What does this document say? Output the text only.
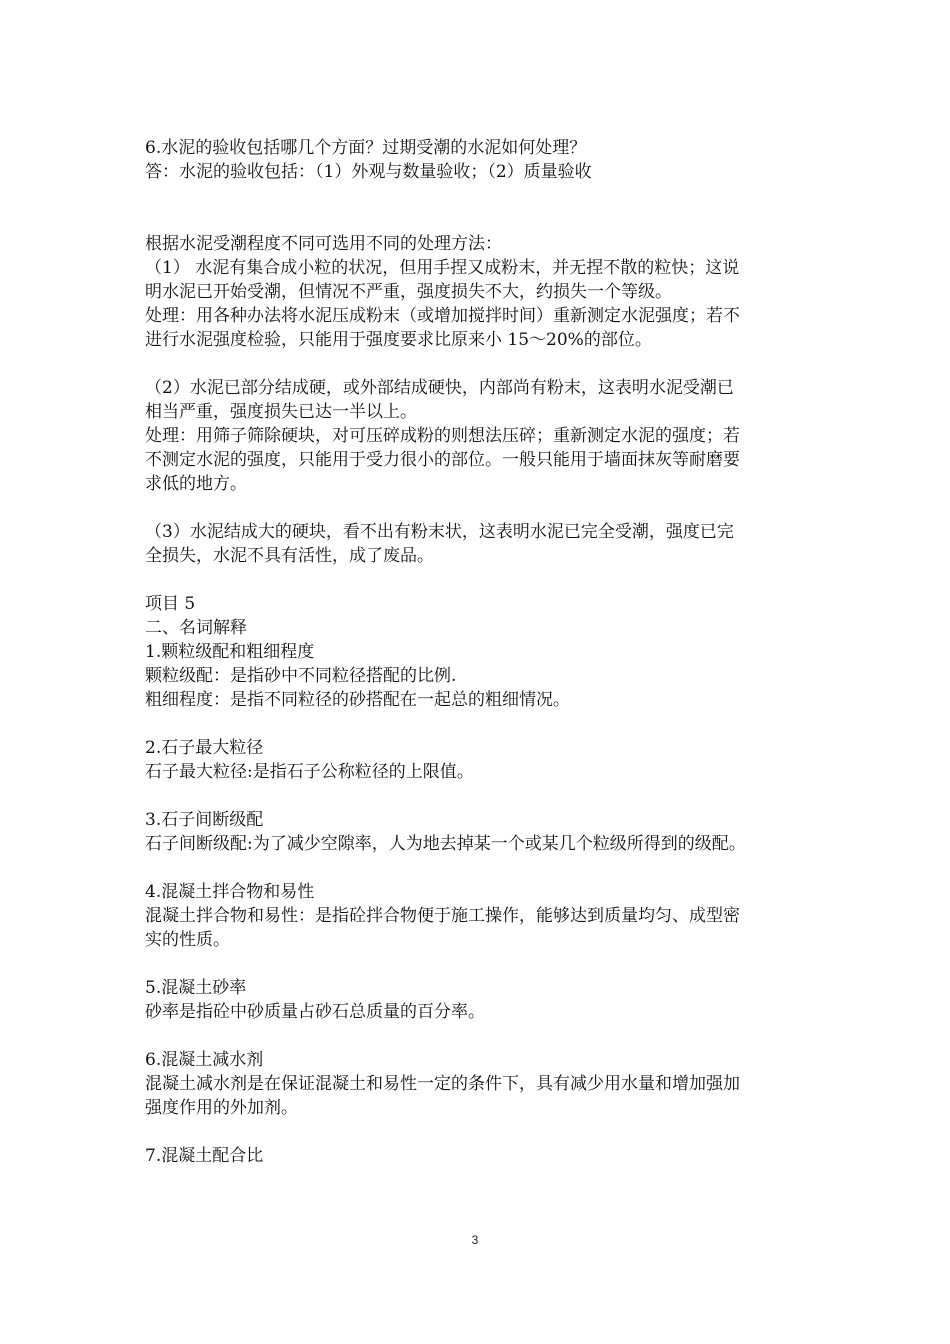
6.水泥的验收包括哪几个方面？过期受潮的水泥如何处理？
答：水泥的验收包括：（1）外观与数量验收；（2）质量验收
根据水泥受潮程度不同可选用不同的处理方法：
（1） 水泥有集合成小粒的状况，但用手捏又成粉末，并无捏不散的粒快；这说
明水泥已开始受潮，但情况不严重，强度损失不大，约损失一个等级。
处理：用各种办法将水泥压成粉末（或增加搅拌时间）重新测定水泥强度；若不
进行水泥强度检验，只能用于强度要求比原来小 15～20%的部位。
（2）水泥已部分结成硬，或外部结成硬快，内部尚有粉末，这表明水泥受潮已
相当严重，强度损失已达一半以上。
处理：用筛子筛除硬块，对可压碎成粉的则想法压碎；重新测定水泥的强度；若
不测定水泥的强度，只能用于受力很小的部位。一般只能用于墙面抹灰等耐磨要
求低的地方。
（3）水泥结成大的硬块，看不出有粉末状，这表明水泥已完全受潮，强度已完
全损失，水泥不具有活性，成了废品。
项目 5
二、名词解释
1.颗粒级配和粗细程度
颗粒级配：是指砂中不同粒径搭配的比例.
粗细程度：是指不同粒径的砂搭配在一起总的粗细情况。
2.石子最大粒径
石子最大粒径:是指石子公称粒径的上限值。
3.石子间断级配
石子间断级配:为了减少空隙率，人为地去掉某一个或某几个粒级所得到的级配。
4.混凝土拌合物和易性
混凝土拌合物和易性：是指砼拌合物便于施工操作，能够达到质量均匀、成型密
实的性质。
5.混凝土砂率
砂率是指砼中砂质量占砂石总质量的百分率。
6.混凝土减水剂
混凝土减水剂是在保证混凝土和易性一定的条件下，具有减少用水量和增加强加
强度作用的外加剂。
7.混凝土配合比
3
